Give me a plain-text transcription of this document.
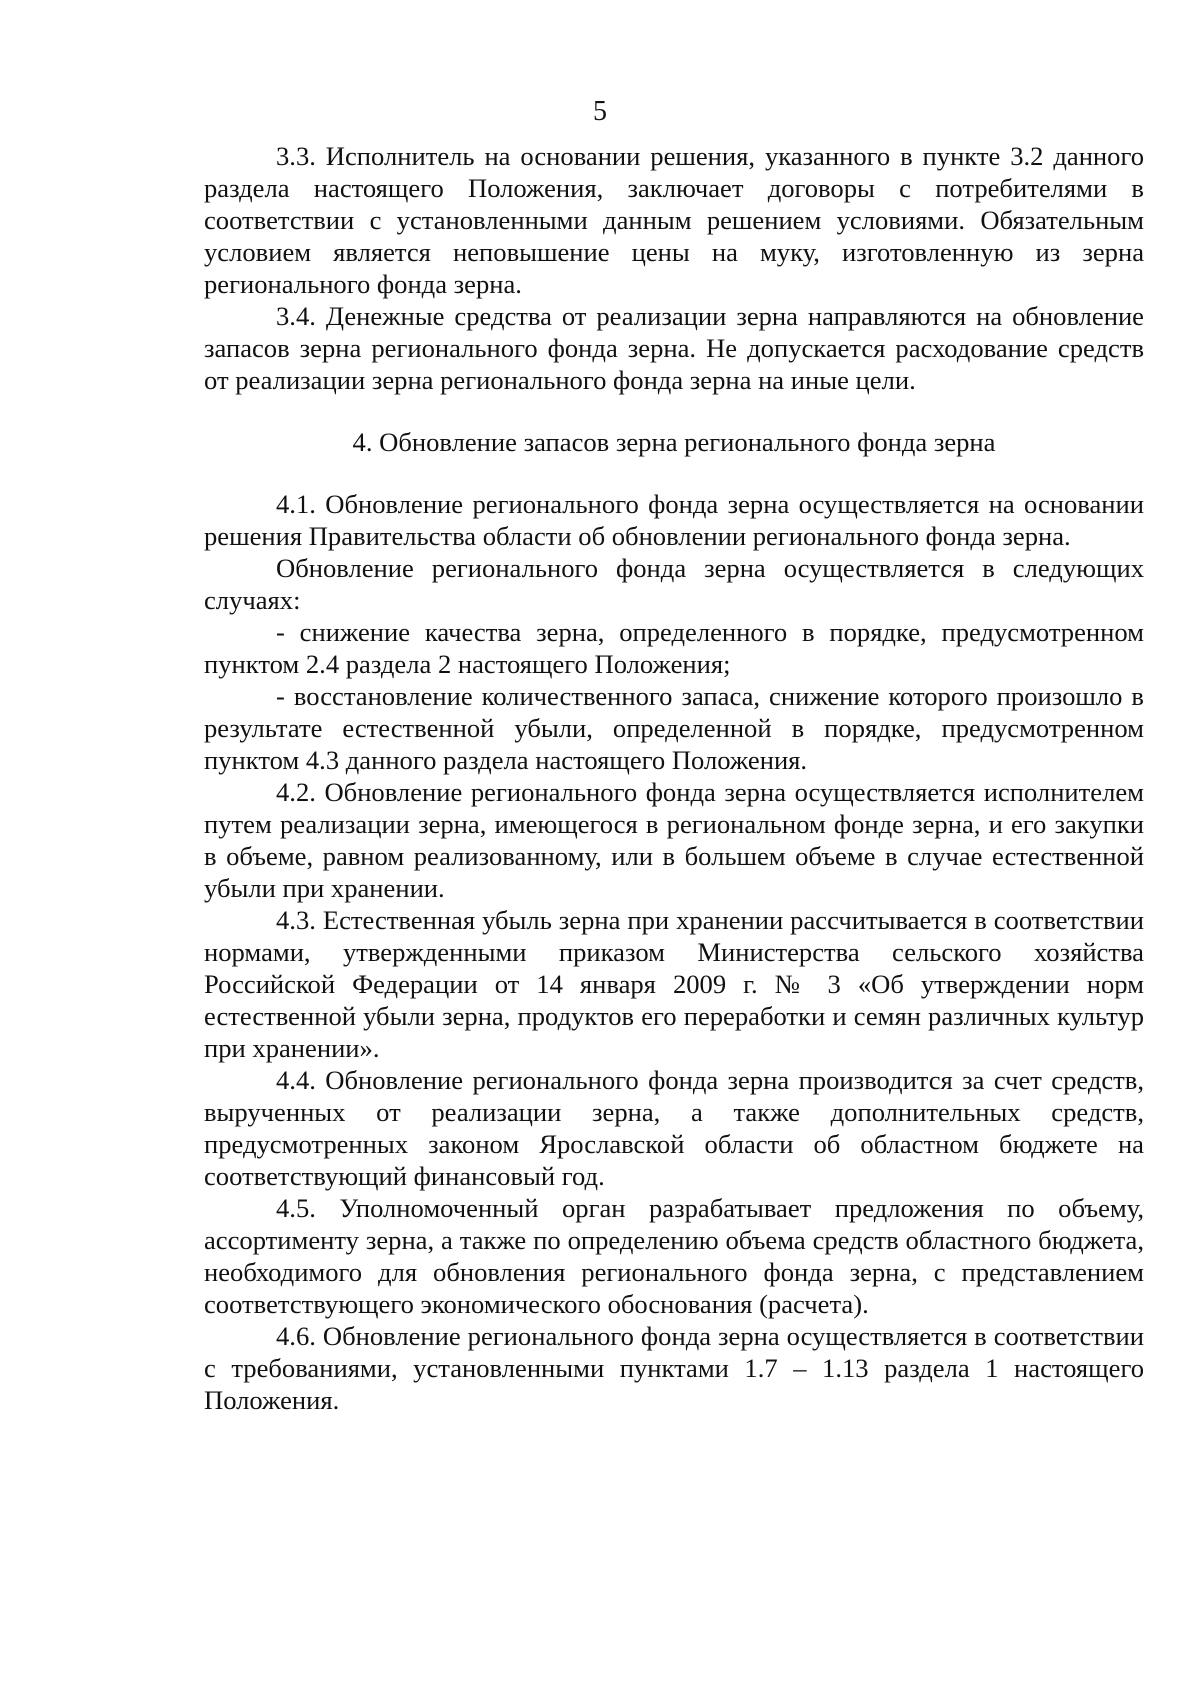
5

3.3. Исполнитель на основании решения, указанного в пункте 3.2 данного раздела настоящего Положения, заключает договоры с потребителями в соответствии с установленными данным решением условиями. Обязательным условием является неповышение цены на муку, изготовленную из зерна регионального фонда зерна.

3.4. Денежные средства от реализации зерна направляются на обновление запасов зерна регионального фонда зерна. Не допускается расходование средств от реализации зерна регионального фонда зерна на иные цели.

4. Обновление запасов зерна регионального фонда зерна

4.1. Обновление регионального фонда зерна осуществляется на основании решения Правительства области об обновлении регионального фонда зерна.

Обновление регионального фонда зерна осуществляется в следующих случаях:

- снижение качества зерна, определенного в порядке, предусмотренном пунктом 2.4 раздела 2 настоящего Положения;

- восстановление количественного запаса, снижение которого произошло в результате естественной убыли, определенной в порядке, предусмотренном пунктом 4.3 данного раздела настоящего Положения.

4.2. Обновление регионального фонда зерна осуществляется исполнителем путем реализации зерна, имеющегося в региональном фонде зерна, и его закупки в объеме, равном реализованному, или в большем объеме в случае естественной убыли при хранении.

4.3. Естественная убыль зерна при хранении рассчитывается в соответствии нормами, утвержденными приказом Министерства сельского хозяйства Российской Федерации от 14 января 2009 г. № 3 «Об утверждении норм естественной убыли зерна, продуктов его переработки и семян различных культур при хранении».

4.4. Обновление регионального фонда зерна производится за счет средств, вырученных от реализации зерна, а также дополнительных средств, предусмотренных законом Ярославской области об областном бюджете на соответствующий финансовый год.

4.5. Уполномоченный орган разрабатывает предложения по объему, ассортименту зерна, а также по определению объема средств областного бюджета, необходимого для обновления регионального фонда зерна, с представлением соответствующего экономического обоснования (расчета).

4.6. Обновление регионального фонда зерна осуществляется в соответствии с требованиями, установленными пунктами 1.7 – 1.13 раздела 1 настоящего Положения.
